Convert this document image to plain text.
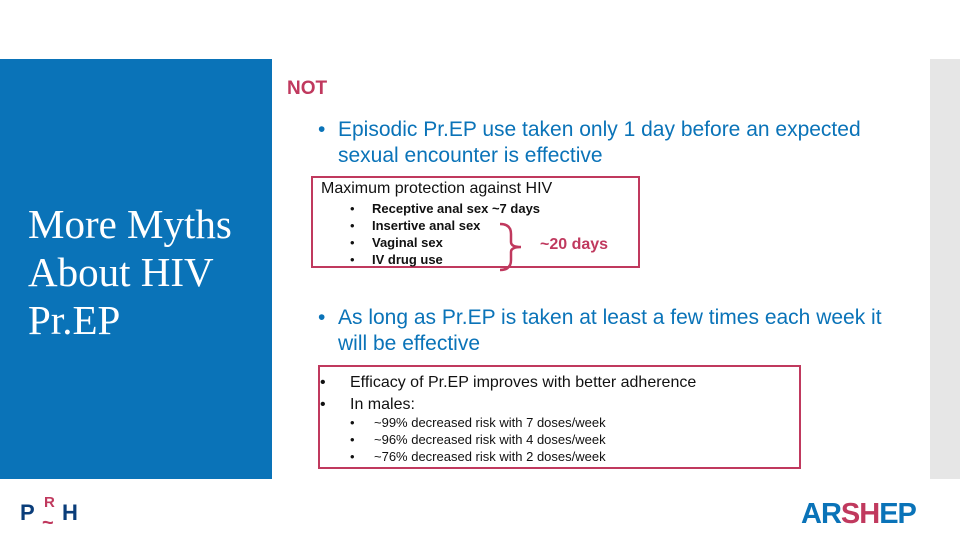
More Myths About HIV Pr.EP
NOT
• Episodic Pr.EP use taken only 1 day before an expected sexual encounter is effective
Maximum protection against HIV
• Receptive anal sex ~7 days
• Insertive anal sex
• Vaginal sex
• IV drug use
~20 days
• As long as Pr.EP is taken at least a few times each week it will be effective
• Efficacy of Pr.EP improves with better adherence
• In males:
• ~99% decreased risk with 7 doses/week
• ~96% decreased risk with 4 doses/week
• ~76% decreased risk with 2 doses/week
P R
~ H	ARSHEP
